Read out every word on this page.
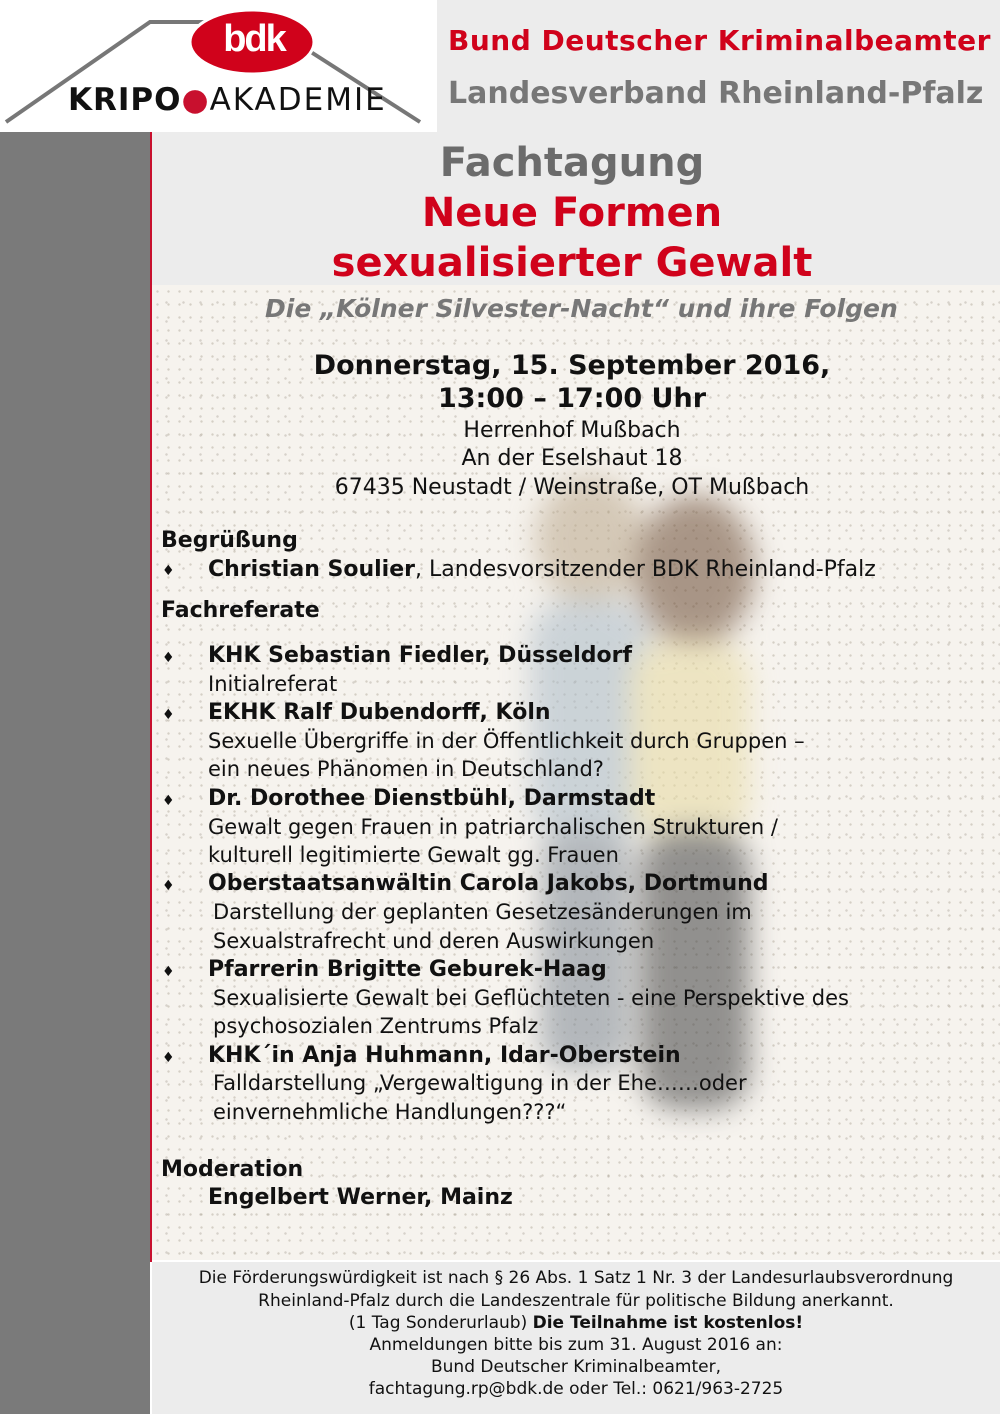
bdk
KRIPO●AKADEMIE
Bund Deutscher Kriminalbeamter
Landesverband Rheinland-Pfalz
Fachtagung
Neue Formen
sexualisierter Gewalt
Die „Kölner Silvester-Nacht“ und ihre Folgen
Donnerstag, 15. September 2016,
13:00 – 17:00 Uhr
Herrenhof Mußbach
An der Eselshaut 18
67435 Neustadt / Weinstraße, OT Mußbach
Begrüßung
♦ Christian Soulier, Landesvorsitzender BDK Rheinland-Pfalz
Fachreferate
♦ KHK Sebastian Fiedler, Düsseldorf
Initialreferat
♦ EKHK Ralf Dubendorff, Köln
Sexuelle Übergriffe in der Öffentlichkeit durch Gruppen –
ein neues Phänomen in Deutschland?
♦ Dr. Dorothee Dienstbühl, Darmstadt
Gewalt gegen Frauen in patriarchalischen Strukturen /
kulturell legitimierte Gewalt gg. Frauen
♦ Oberstaatsanwältin Carola Jakobs, Dortmund
Darstellung der geplanten Gesetzesänderungen im
Sexualstrafrecht und deren Auswirkungen
♦ Pfarrerin Brigitte Geburek-Haag
Sexualisierte Gewalt bei Geflüchteten - eine Perspektive des
psychosozialen Zentrums Pfalz
♦ KHK´in Anja Huhmann, Idar-Oberstein
Falldarstellung „Vergewaltigung in der Ehe……oder
einvernehmliche Handlungen???“
Moderation
Engelbert Werner, Mainz
Die Förderungswürdigkeit ist nach § 26 Abs. 1 Satz 1 Nr. 3 der Landesurlaubsverordnung
Rheinland-Pfalz durch die Landeszentrale für politische Bildung anerkannt.
(1 Tag Sonderurlaub) Die Teilnahme ist kostenlos!
Anmeldungen bitte bis zum 31. August 2016 an:
Bund Deutscher Kriminalbeamter,
fachtagung.rp@bdk.de oder Tel.: 0621/963-2725
